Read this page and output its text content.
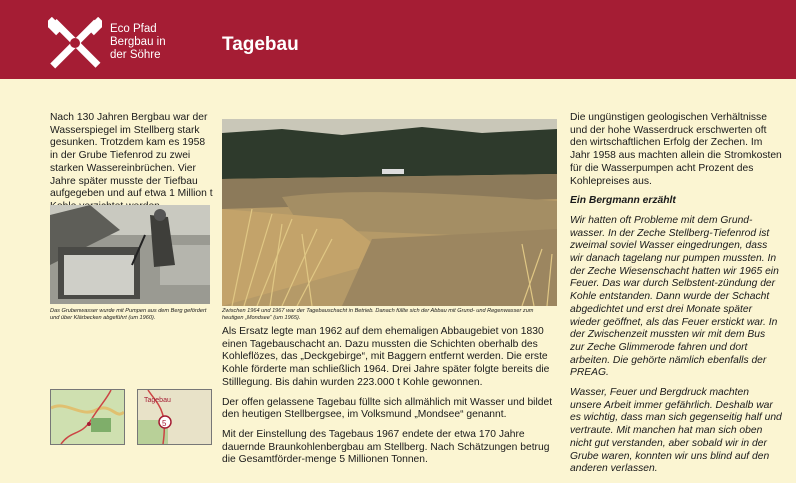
Eco Pfad
Bergbau in
der Söhre	Tagebau
Nach 130 Jahren Bergbau war der Wasserspiegel im Stellberg stark gesunken. Trotzdem kam es 1958 in der Grube Tiefenrod zu zwei starken Wassereinbrüchen. Vier Jahre später musste der Tiefbau aufgegeben und auf etwa 1 Million t
Das Grubenwasser wurde mit Pumpen aus dem Berg gefördert und über Klärbecken abgeführt (um 1960).
5
Tagebau
Zwischen 1964 und 1967 war der Tagebauschacht in Betrieb. Danach füllte sich der Abbau mit Grund- und Regenwasser zum heutigen „Mondsee“ (um 1965).

Als Ersatz legte man 1962 auf dem ehemaligen Abbaugebiet von 1830 einen Tagebauschacht an. Dazu mussten die Schichten oberhalb des Kohleflözes, das „Deckgebirge“, mit Baggern entfernt werden. Die erste Kohle förderte man schließlich 1964. Drei Jahre später folgte bereits die Stilllegung. Bis dahin wurden 223.000 t Kohle gewonnen.

Der offen gelassene Tagebau füllte sich allmählich mit Wasser und bildet den heutigen Stellbergsee, im Volksmund „Mondsee“ genannt.

Mit der Einstellung des Tagebaus 1967 endete der etwa 170 Jahre dauernde Braunkohlenbergbau am Stellberg. Nach Schätzungen betrug die Gesamtförder-menge 5 Millionen Tonnen.

Die ungünstigen geologischen Verhältnisse und der hohe Wasserdruck erschwerten oft den wirtschaftlichen Erfolg der Zechen. Im Jahr 1958 aus machten allein die Stromkosten für die Wasserpumpen acht Prozent des Kohlepreises aus.

Ein Bergmann erzählt

Wir hatten oft Probleme mit dem Grund-wasser. In der Zeche Stellberg-Tiefenrod ist zweimal soviel Wasser eingedrungen, dass wir danach tagelang nur pumpen mussten. In der Zeche Wiesenschacht hatten wir 1965 ein Feuer. Das war durch Selbstent-zündung der Kohle entstanden. Dann wurde der Schacht abgedichtet und erst drei Monate später wieder geöffnet, als das Feuer erstickt war. In der Zwischenzeit mussten wir mit dem Bus zur Zeche Glimmerode fahren und dort arbeiten. Die gehörte nämlich ebenfalls der PREAG.

Wasser, Feuer und Bergdruck machten unsere Arbeit immer gefährlich. Deshalb war es wichtig, dass man sich gegenseitig half und vertraute. Mit manchen hat man sich oben nicht gut verstanden, aber sobald wir in der Grube waren, konnten wir uns blind auf den anderen verlassen.
